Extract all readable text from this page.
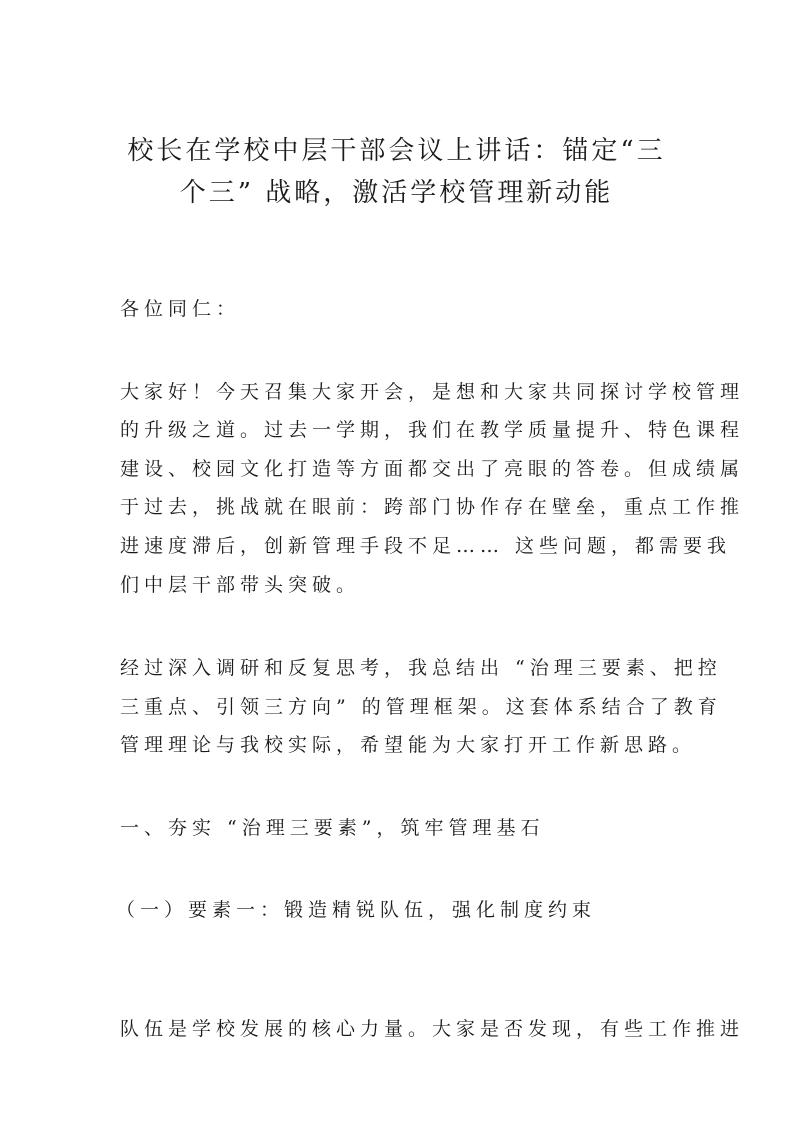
校长在学校中层干部会议上讲话：锚定“三
个三” 战略，激活学校管理新动能
各位同仁：
大家好！今天召集大家开会，是想和大家共同探讨学校管理
的升级之道。过去一学期，我们在教学质量提升、特色课程
建设、校园文化打造等方面都交出了亮眼的答卷。但成绩属
于过去，挑战就在眼前：跨部门协作存在壁垒，重点工作推
进速度滞后，创新管理手段不足…… 这些问题，都需要我
们中层干部带头突破。
经过深入调研和反复思考，我总结出 “治理三要素、把控
三重点、引领三方向” 的管理框架。这套体系结合了教育
管理理论与我校实际，希望能为大家打开工作新思路。
一、夯实 “治理三要素”，筑牢管理基石
（一）要素一：锻造精锐队伍，强化制度约束
队伍是学校发展的核心力量。大家是否发现，有些工作推进
